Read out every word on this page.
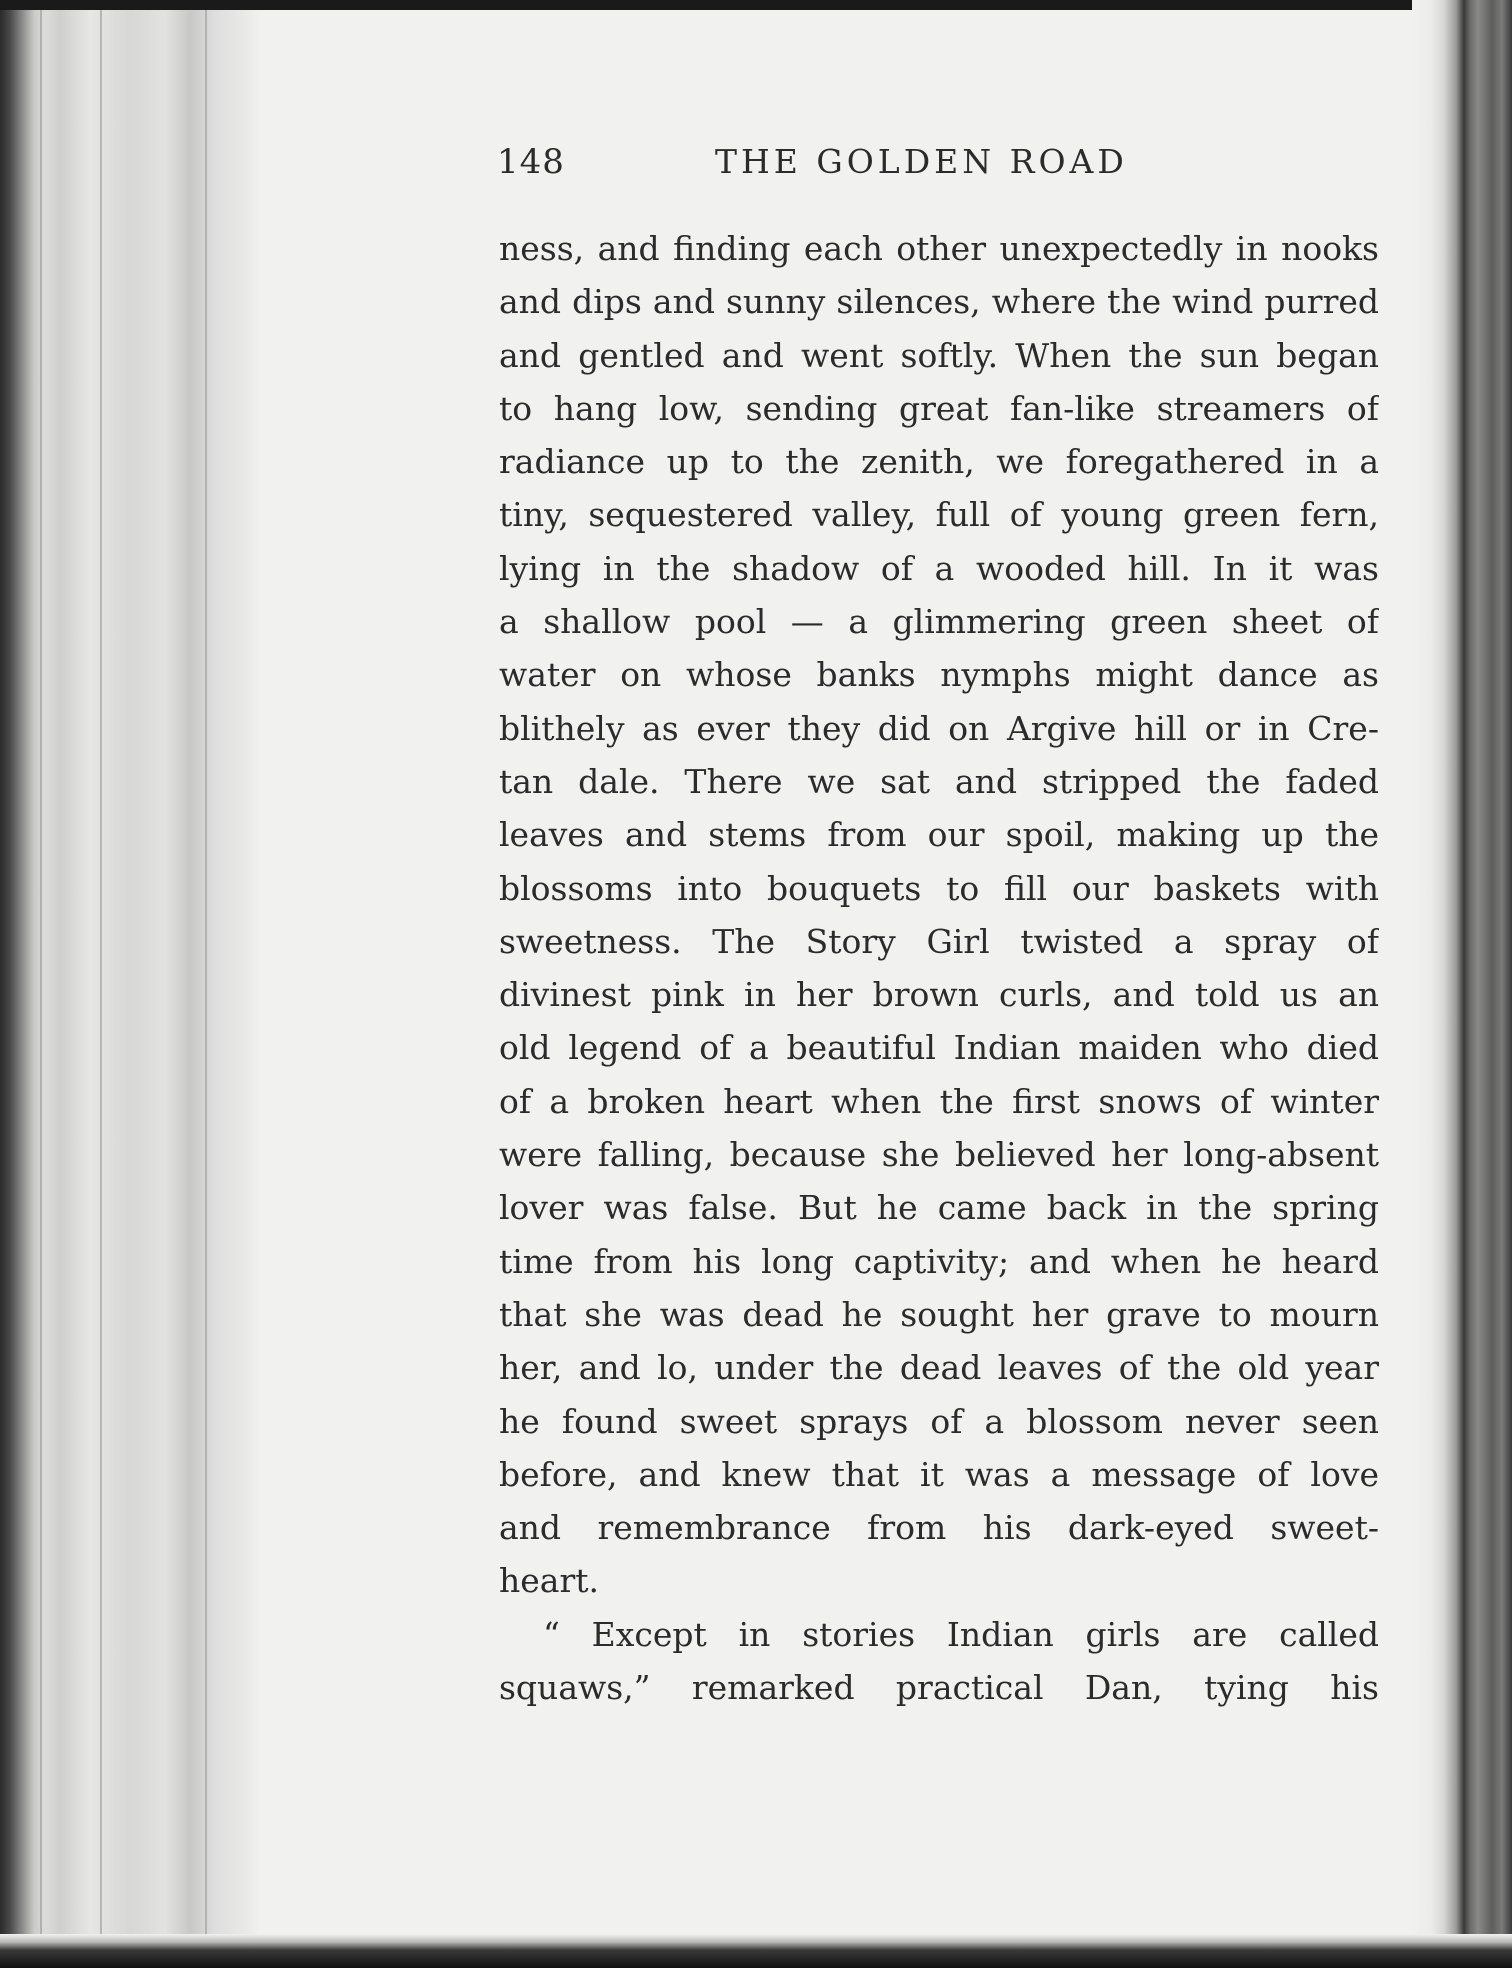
148	THE GOLDEN ROAD
ness, and finding each other unexpectedly in nooks
and dips and sunny silences, where the wind purred
and gentled and went softly. When the sun began
to hang low, sending great fan-like streamers of
radiance up to the zenith, we foregathered in a
tiny, sequestered valley, full of young green fern,
lying in the shadow of a wooded hill. In it was
a shallow pool — a glimmering green sheet of
water on whose banks nymphs might dance as
blithely as ever they did on Argive hill or in Cre-
tan dale. There we sat and stripped the faded
leaves and stems from our spoil, making up the
blossoms into bouquets to fill our baskets with
sweetness. The Story Girl twisted a spray of
divinest pink in her brown curls, and told us an
old legend of a beautiful Indian maiden who died
of a broken heart when the first snows of winter
were falling, because she believed her long-absent
lover was false. But he came back in the spring
time from his long captivity; and when he heard
that she was dead he sought her grave to mourn
her, and lo, under the dead leaves of the old year
he found sweet sprays of a blossom never seen
before, and knew that it was a message of love
and remembrance from his dark-eyed sweet-
heart.
“ Except in stories Indian girls are called
squaws,” remarked practical Dan, tying his
